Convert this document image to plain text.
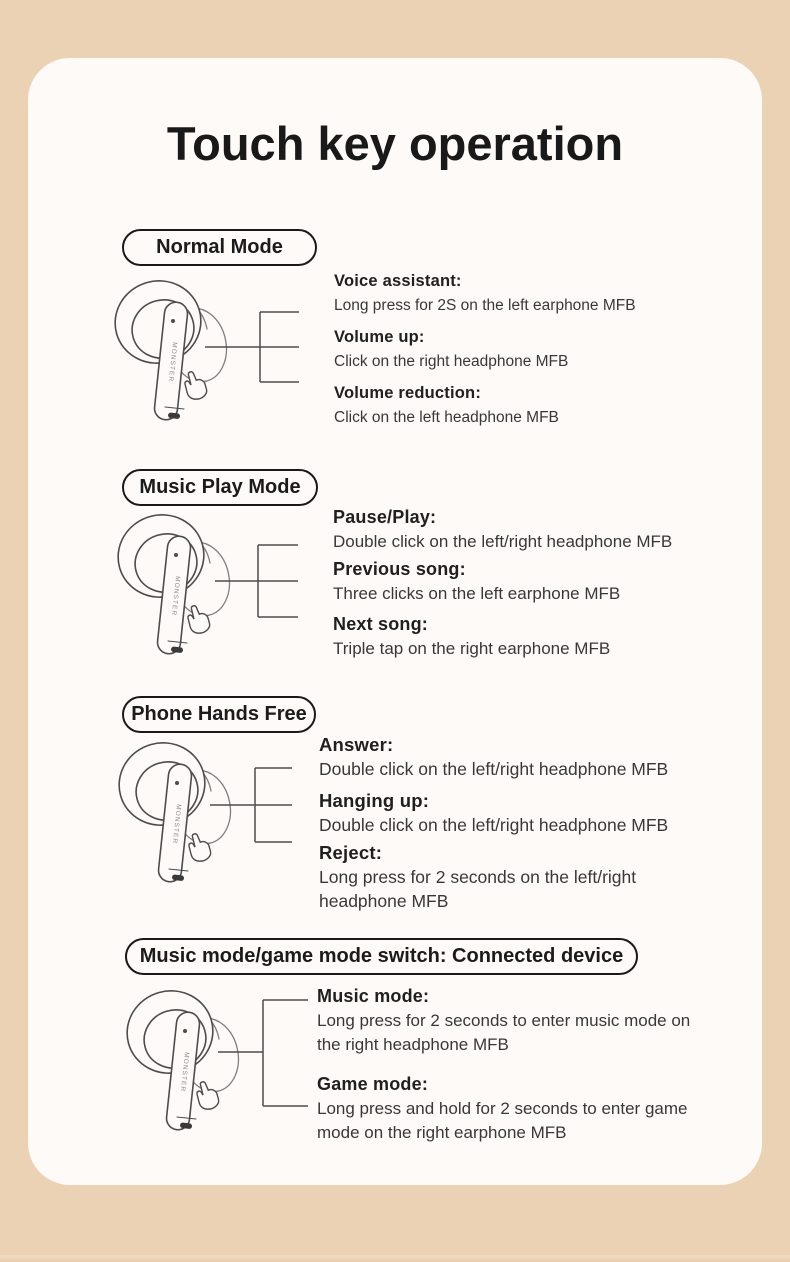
Touch key operation
Normal Mode
Voice assistant:

Long press for 2S on the left earphone MFB

Volume up:

Click on the right headphone MFB

Volume reduction:

Click on the left headphone MFB

Music Play Mode
Pause/Play:

Double click on the left/right headphone MFB

Previous song:

Three clicks on the left earphone MFB

Next song:

Triple tap on the right earphone MFB

Phone Hands Free
Answer:

Double click on the left/right headphone MFB

Hanging up:

Double click on the left/right headphone MFB

Reject:

Long press for 2 seconds on the left/right headphone MFB

Music mode/game mode switch: Connected device
Music mode:

Long press for 2 seconds to enter music mode on the right headphone MFB

Game mode:

Long press and hold for 2 seconds to enter game mode on the right earphone MFB
